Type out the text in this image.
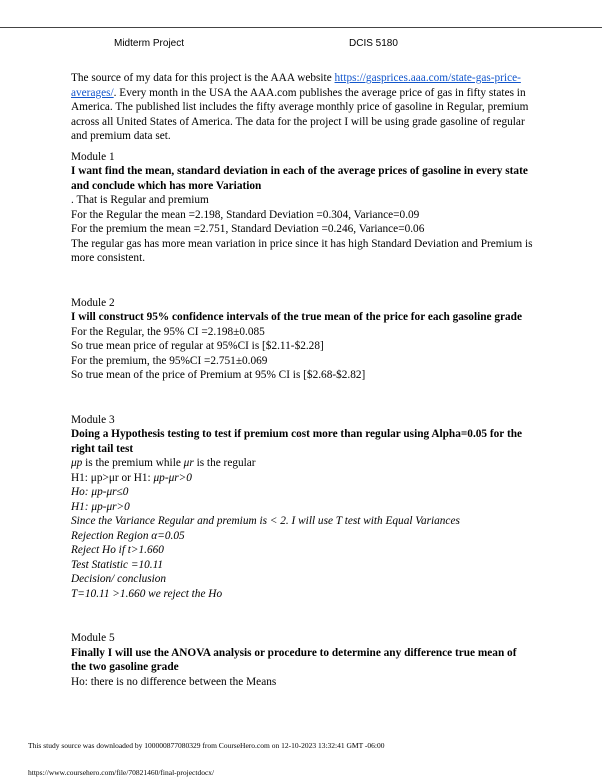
Midterm Project	DCIS 5180

The source of my data for this project is the AAA website https://gasprices.aaa.com/state-gas-price-averages/. Every month in the USA the AAA.com publishes the average price of gas in fifty states in America. The published list includes the fifty average monthly price of gasoline in Regular, premium across all United States of America. The data for the project I will be using grade gasoline of regular and premium data set.

Module 1

I want find the mean, standard deviation in each of the average prices of gasoline in every state and conclude which has more Variation

. That is Regular and premium

For the Regular the mean =2.198, Standard Deviation =0.304, Variance=0.09

For the premium the mean =2.751, Standard Deviation =0.246, Variance=0.06

The regular gas has more mean variation in price since it has high Standard Deviation and Premium is more consistent.

Module 2

I will construct 95% confidence intervals of the true mean of the price for each gasoline grade

For the Regular, the 95% CI =2.198±0.085

So true mean price of regular at 95%CI is [$2.11-$2.28]

For the premium, the 95%CI =2.751±0.069

So true mean of the price of Premium at 95% CI is [$2.68-$2.82]

Module 3

Doing a Hypothesis testing to test if premium cost more than regular using Alpha=0.05 for the right tail test

μp is the premium while μr is the regular

H1: μp>μr or H1: μp-μr>0

Ho: μp-μr≤0

H1: μp-μr>0

Since the Variance Regular and premium is < 2. I will use T test with Equal Variances

Rejection Region α=0.05

Reject Ho if t>1.660

Test Statistic =10.11

Decision/ conclusion

T=10.11 >1.660 we reject the Ho

Module 5

Finally I will use the ANOVA analysis or procedure to determine any difference true mean of the two gasoline grade

Ho: there is no difference between the Means

This study source was downloaded by 100000877080329 from CourseHero.com on 12-10-2023 13:32:41 GMT -06:00
https://www.coursehero.com/file/70821460/final-projectdocx/
